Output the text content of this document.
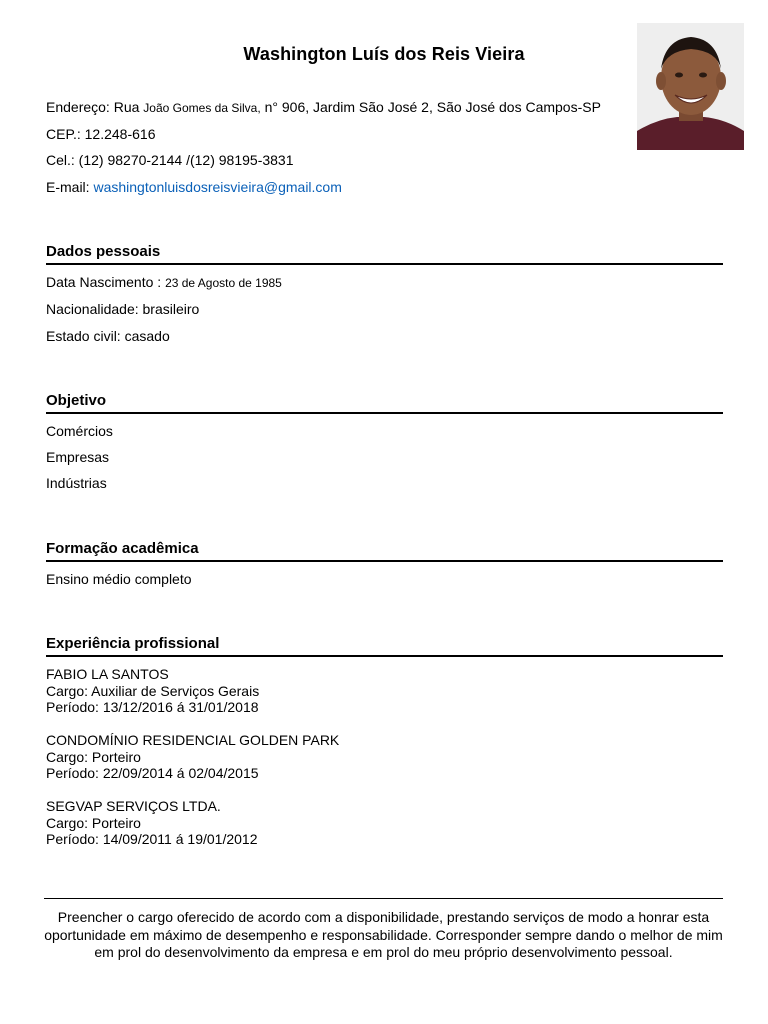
Washington Luís dos Reis Vieira
Endereço: Rua João Gomes da Silva, n° 906, Jardim São José 2, São José dos Campos-SP
CEP.: 12.248-616
Cel.: (12) 98270-2144 /(12) 98195-3831
E-mail: washingtonluisdosreisvieira@gmail.com
Dados pessoais
Data Nascimento : 23 de Agosto de 1985
Nacionalidade: brasileiro
Estado civil: casado
Objetivo
Comércios
Empresas
Indústrias
Formação acadêmica
Ensino médio completo
Experiência profissional
FABIO LA SANTOS
Cargo: Auxiliar de Serviços Gerais
Período: 13/12/2016 á 31/01/2018
CONDOMÍNIO RESIDENCIAL GOLDEN PARK
Cargo: Porteiro
Período: 22/09/2014 á 02/04/2015
SEGVAP SERVIÇOS LTDA.
Cargo: Porteiro
Período: 14/09/2011 á 19/01/2012
Preencher o cargo oferecido de acordo com a disponibilidade, prestando serviços de modo a honrar esta oportunidade em máximo de desempenho e responsabilidade. Corresponder sempre dando o melhor de mim em prol do desenvolvimento da empresa e em prol do meu próprio desenvolvimento pessoal.
